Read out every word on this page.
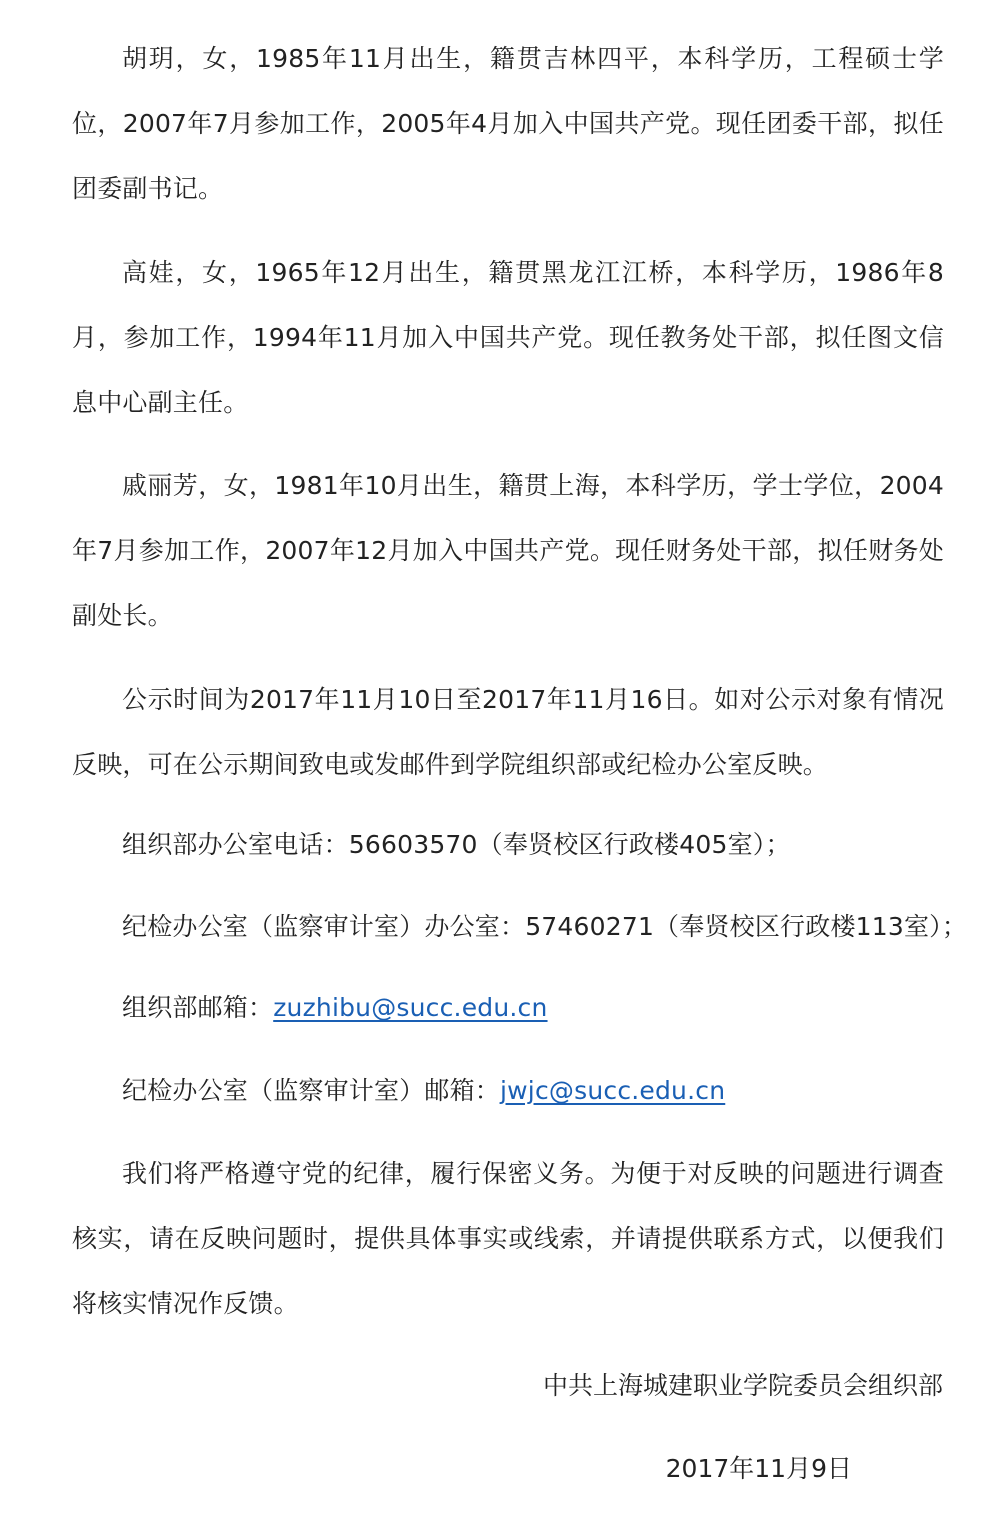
胡玥，女，1985年11月出生，籍贯吉林四平，本科学历，工程硕士学位，2007年7月参加工作，2005年4月加入中国共产党。现任团委干部，拟任团委副书记。

高娃，女，1965年12月出生，籍贯黑龙江江桥，本科学历，1986年8月，参加工作，1994年11月加入中国共产党。现任教务处干部，拟任图文信息中心副主任。

戚丽芳，女，1981年10月出生，籍贯上海，本科学历，学士学位，2004年7月参加工作，2007年12月加入中国共产党。现任财务处干部，拟任财务处副处长。

公示时间为2017年11月10日至2017年11月16日。如对公示对象有情况反映，可在公示期间致电或发邮件到学院组织部或纪检办公室反映。

组织部办公室电话：56603570（奉贤校区行政楼405室）；

纪检办公室（监察审计室）办公室：57460271（奉贤校区行政楼113室）；

组织部邮箱：zuzhibu@succ.edu.cn

纪检办公室（监察审计室）邮箱：jwjc@succ.edu.cn

我们将严格遵守党的纪律，履行保密义务。为便于对反映的问题进行调查核实，请在反映问题时，提供具体事实或线索，并请提供联系方式，以便我们将核实情况作反馈。

中共上海城建职业学院委员会组织部

2017年11月9日
